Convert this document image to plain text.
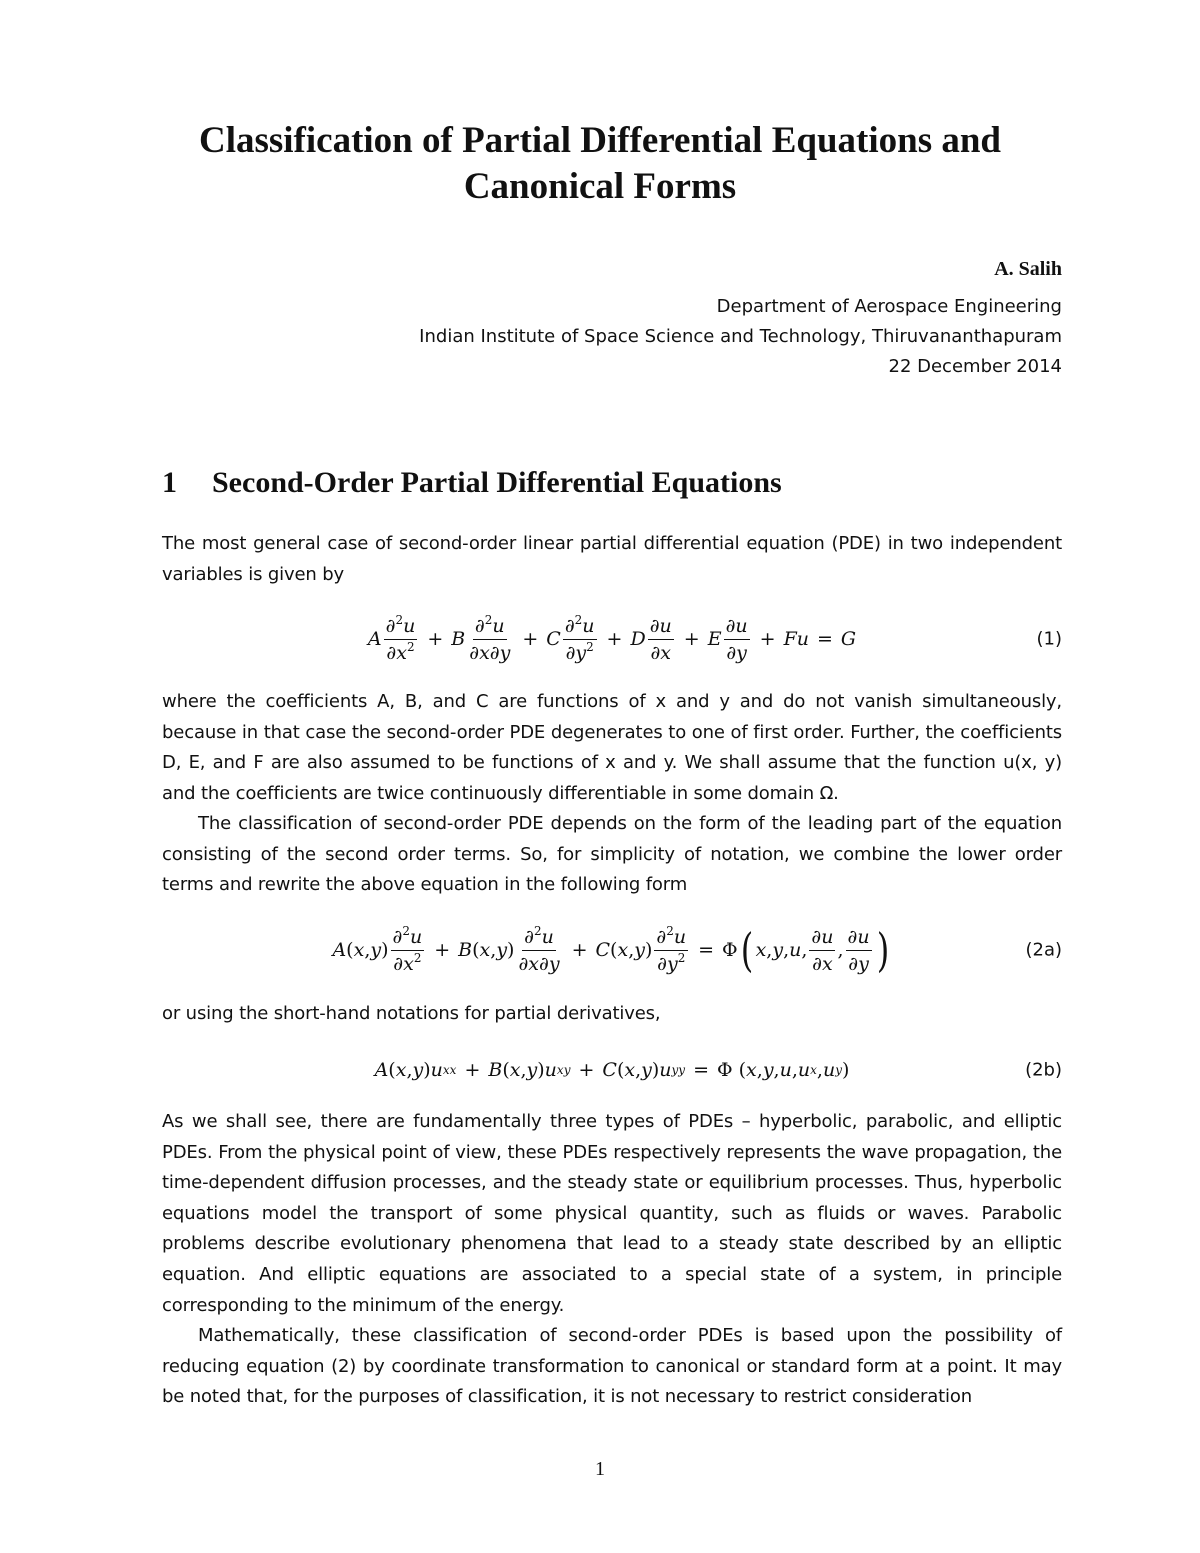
Classification of Partial Differential Equations and Canonical Forms

A. Salih

Department of Aerospace Engineering

Indian Institute of Space Science and Technology, Thiruvananthapuram

22 December 2014

1 Second-Order Partial Differential Equations

The most general case of second-order linear partial differential equation (PDE) in two independent variables is given by

A $\frac{\partial^2u}{\partial x^2} + B \frac{\partial^2u}{\partial x\partial y} + C \frac{\partial^2u}{\partial y^2} + D \frac{\partial u}{\partial x} + E \frac{\partial u}{\partial y} + Fu = G$	(1)

where the coefficients A, B, and C are functions of x and y and do not vanish simultaneously, because in that case the second-order PDE degenerates to one of first order. Further, the coefficients D, E, and F are also assumed to be functions of x and y. We shall assume that the function u(x, y) and the coefficients are twice continuously differentiable in some domain Ω.

The classification of second-order PDE depends on the form of the leading part of the equation consisting of the second order terms. So, for simplicity of notation, we combine the lower order terms and rewrite the above equation in the following form

A ( x , y ) $\frac{\partial^2u}{\partial x^2} + B$ ( x , y ) $\frac{\partial^2u}{\partial x\partial y} + C$ ( x , y ) $\frac{\partial^2u}{\partial y^2} = \Phi$ ( x , y , u , $\frac{\partial u}{\partial x}$ , $\frac{\partial u}{\partial y}$ )	(2a)

or using the short-hand notations for partial derivatives,

A ( x , y ) u xx + B ( x , y ) u xy + C ( x , y ) u yy = Φ ( x , y , u , u x , u y )	(2b)

As we shall see, there are fundamentally three types of PDEs – hyperbolic, parabolic, and elliptic PDEs. From the physical point of view, these PDEs respectively represents the wave propagation, the time-dependent diffusion processes, and the steady state or equilibrium processes. Thus, hyperbolic equations model the transport of some physical quantity, such as fluids or waves. Parabolic problems describe evolutionary phenomena that lead to a steady state described by an elliptic equation. And elliptic equations are associated to a special state of a system, in principle corresponding to the minimum of the energy.

Mathematically, these classification of second-order PDEs is based upon the possibility of reducing equation (2) by coordinate transformation to canonical or standard form at a point. It may be noted that, for the purposes of classification, it is not necessary to restrict consideration

1
